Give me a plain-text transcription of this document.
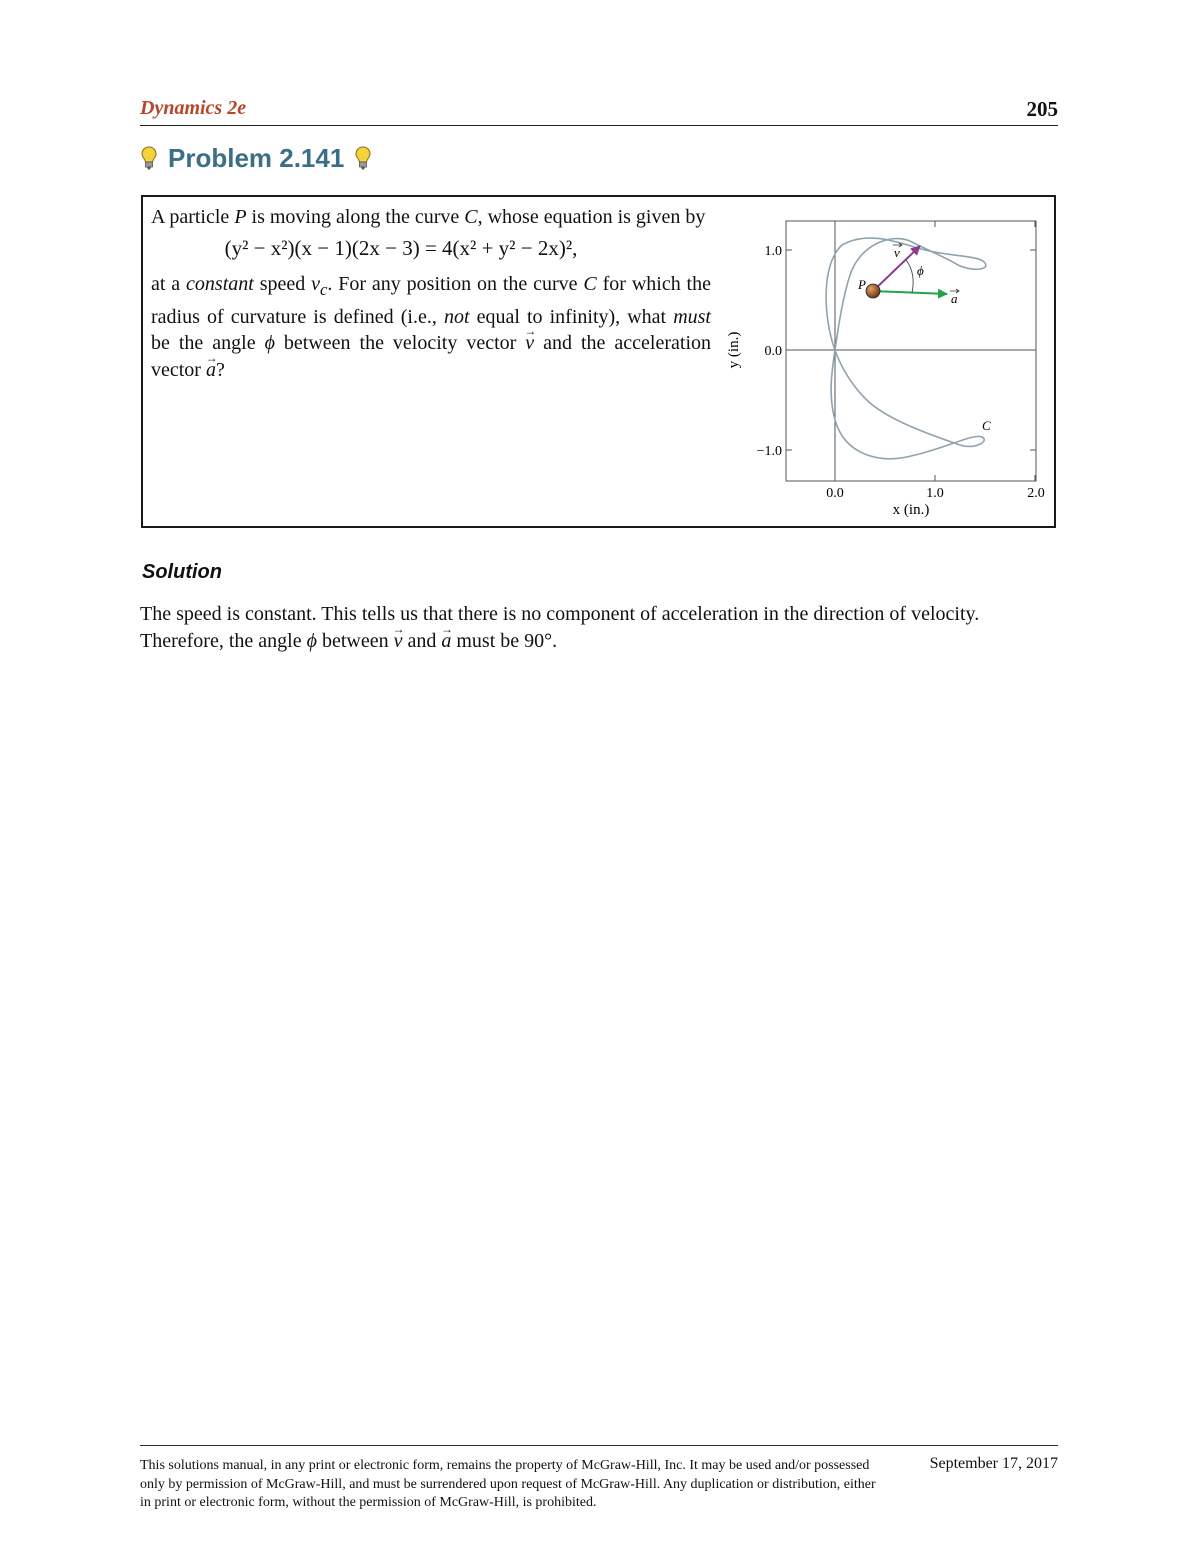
Dynamics 2e	205
Problem 2.141

A particle P is moving along the curve C, whose equation is given by

(y² − x²)(x − 1)(2x − 3) = 4(x² + y² − 2x)²,

at a constant speed $v_c$. For any position on the curve C for which the radius of curvature is defined (i.e., not equal to infinity), what must be the angle ϕ between the velocity vector v → and the acceleration vector a →?

P
v
a
ϕ
C
0.0	1.0	2.0
1.0
0.0
−1.0
x (in.)
y (in.)
Solution

The speed is constant. This tells us that there is no component of acceleration in the direction of velocity.

Therefore, the angle ϕ between v → and a → must be 90°.

This solutions manual, in any print or electronic form, remains the property of McGraw-Hill, Inc. It may be used and/or possessed only by permission of McGraw-Hill, and must be surrendered upon request of McGraw-Hill. Any duplication or distribution, either in print or electronic form, without the permission of McGraw-Hill, is prohibited.
September 17, 2017
